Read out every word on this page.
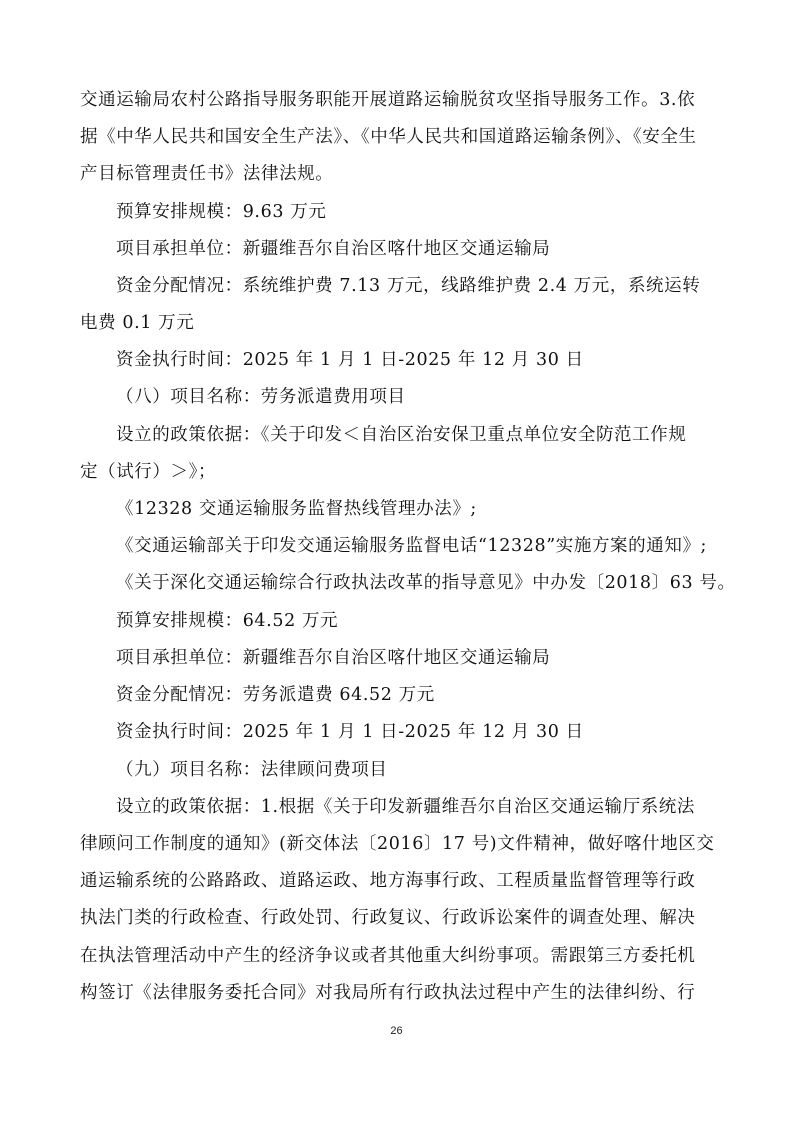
交通运输局农村公路指导服务职能开展道路运输脱贫攻坚指导服务工作。3.依
据《中华人民共和国安全生产法》、《中华人民共和国道路运输条例》、《安全生
产目标管理责任书》法律法规。
预算安排规模：9.63 万元
项目承担单位：新疆维吾尔自治区喀什地区交通运输局
资金分配情况：系统维护费 7.13 万元，线路维护费 2.4 万元，系统运转
电费 0.1 万元
资金执行时间：2025 年 1 月 1 日-2025 年 12 月 30 日
（八）项目名称：劳务派遣费用项目
设立的政策依据：《关于印发＜自治区治安保卫重点单位安全防范工作规
定（试行）＞》；
《12328 交通运输服务监督热线管理办法》;
《交通运输部关于印发交通运输服务监督电话“12328”实施方案的通知》;
《关于深化交通运输综合行政执法改革的指导意见》中办发〔2018〕63 号。
预算安排规模：64.52 万元
项目承担单位：新疆维吾尔自治区喀什地区交通运输局
资金分配情况：劳务派遣费 64.52 万元
资金执行时间：2025 年 1 月 1 日-2025 年 12 月 30 日
（九）项目名称：法律顾问费项目
设立的政策依据：1.根据《关于印发新疆维吾尔自治区交通运输厅系统法
律顾问工作制度的通知》(新交体法〔2016〕17 号)文件精神，做好喀什地区交
通运输系统的公路路政、道路运政、地方海事行政、工程质量监督管理等行政
执法门类的行政检查、行政处罚、行政复议、行政诉讼案件的调查处理、解决
在执法管理活动中产生的经济争议或者其他重大纠纷事项。需跟第三方委托机
构签订《法律服务委托合同》对我局所有行政执法过程中产生的法律纠纷、行
26
